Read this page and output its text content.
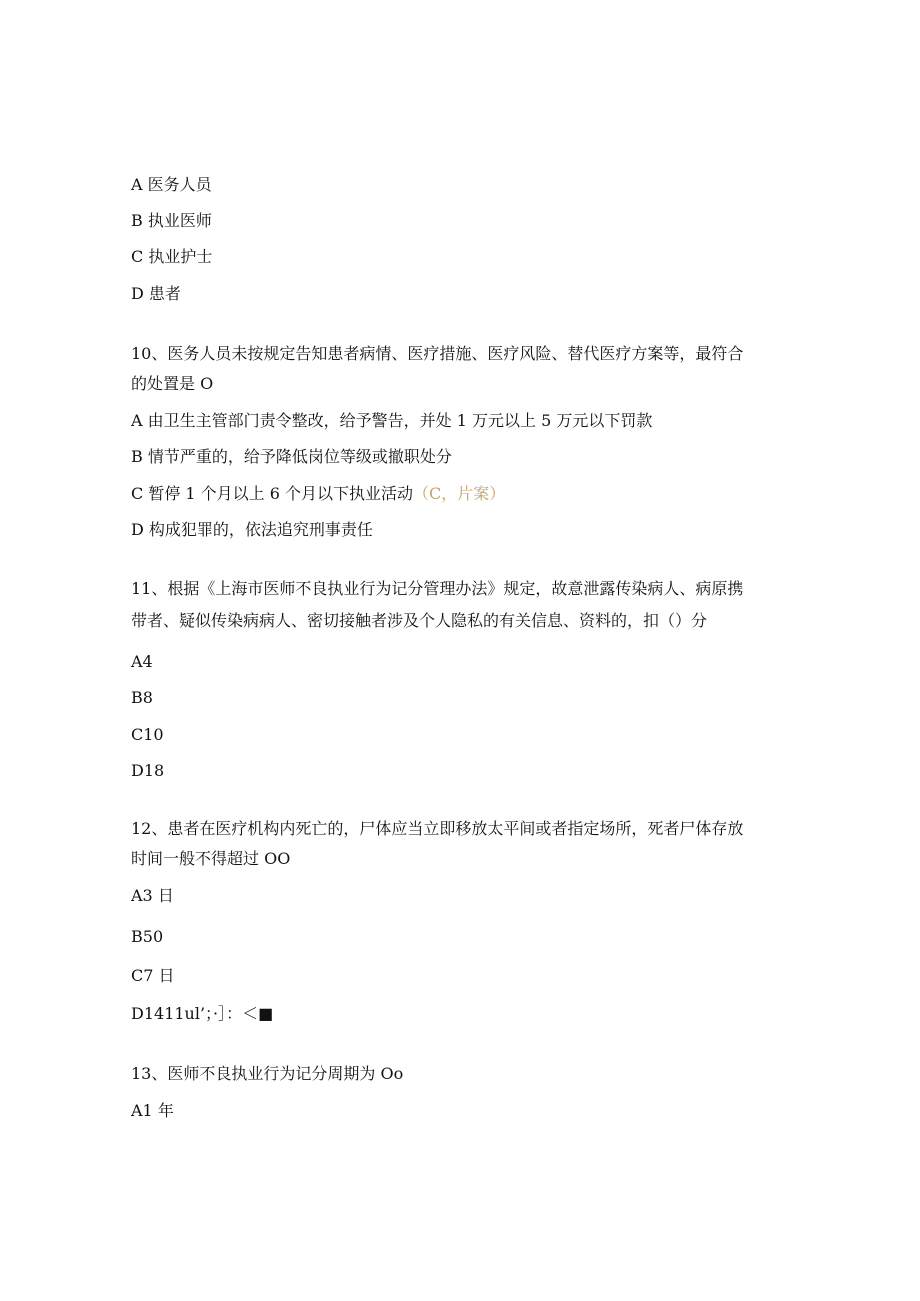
A 医务人员
B 执业医师
C 执业护士
D 患者
10、医务人员未按规定告知患者病情、医疗措施、医疗风险、替代医疗方案等，最符合
的处置是 O
A 由卫生主管部门责令整改，给予警告，并处 1 万元以上 5 万元以下罚款
B 情节严重的，给予降低岗位等级或撤职处分
C 暂停 1 个月以上 6 个月以下执业活动（C，片案）
D 构成犯罪的，依法追究刑事责任
11、根据《上海市医师不良执业行为记分管理办法》规定，故意泄露传染病人、病原携
带者、疑似传染病病人、密切接触者涉及个人隐私的有关信息、资料的，扣（）分
A4
B8
C10
D18
12、患者在医疗机构内死亡的，尸体应当立即移放太平间或者指定场所，死者尸体存放
时间一般不得超过 OO
A3 日
B50
C7 日
D1411ul’；·］：＜■
13、医师不良执业行为记分周期为 Oo
A1 年
